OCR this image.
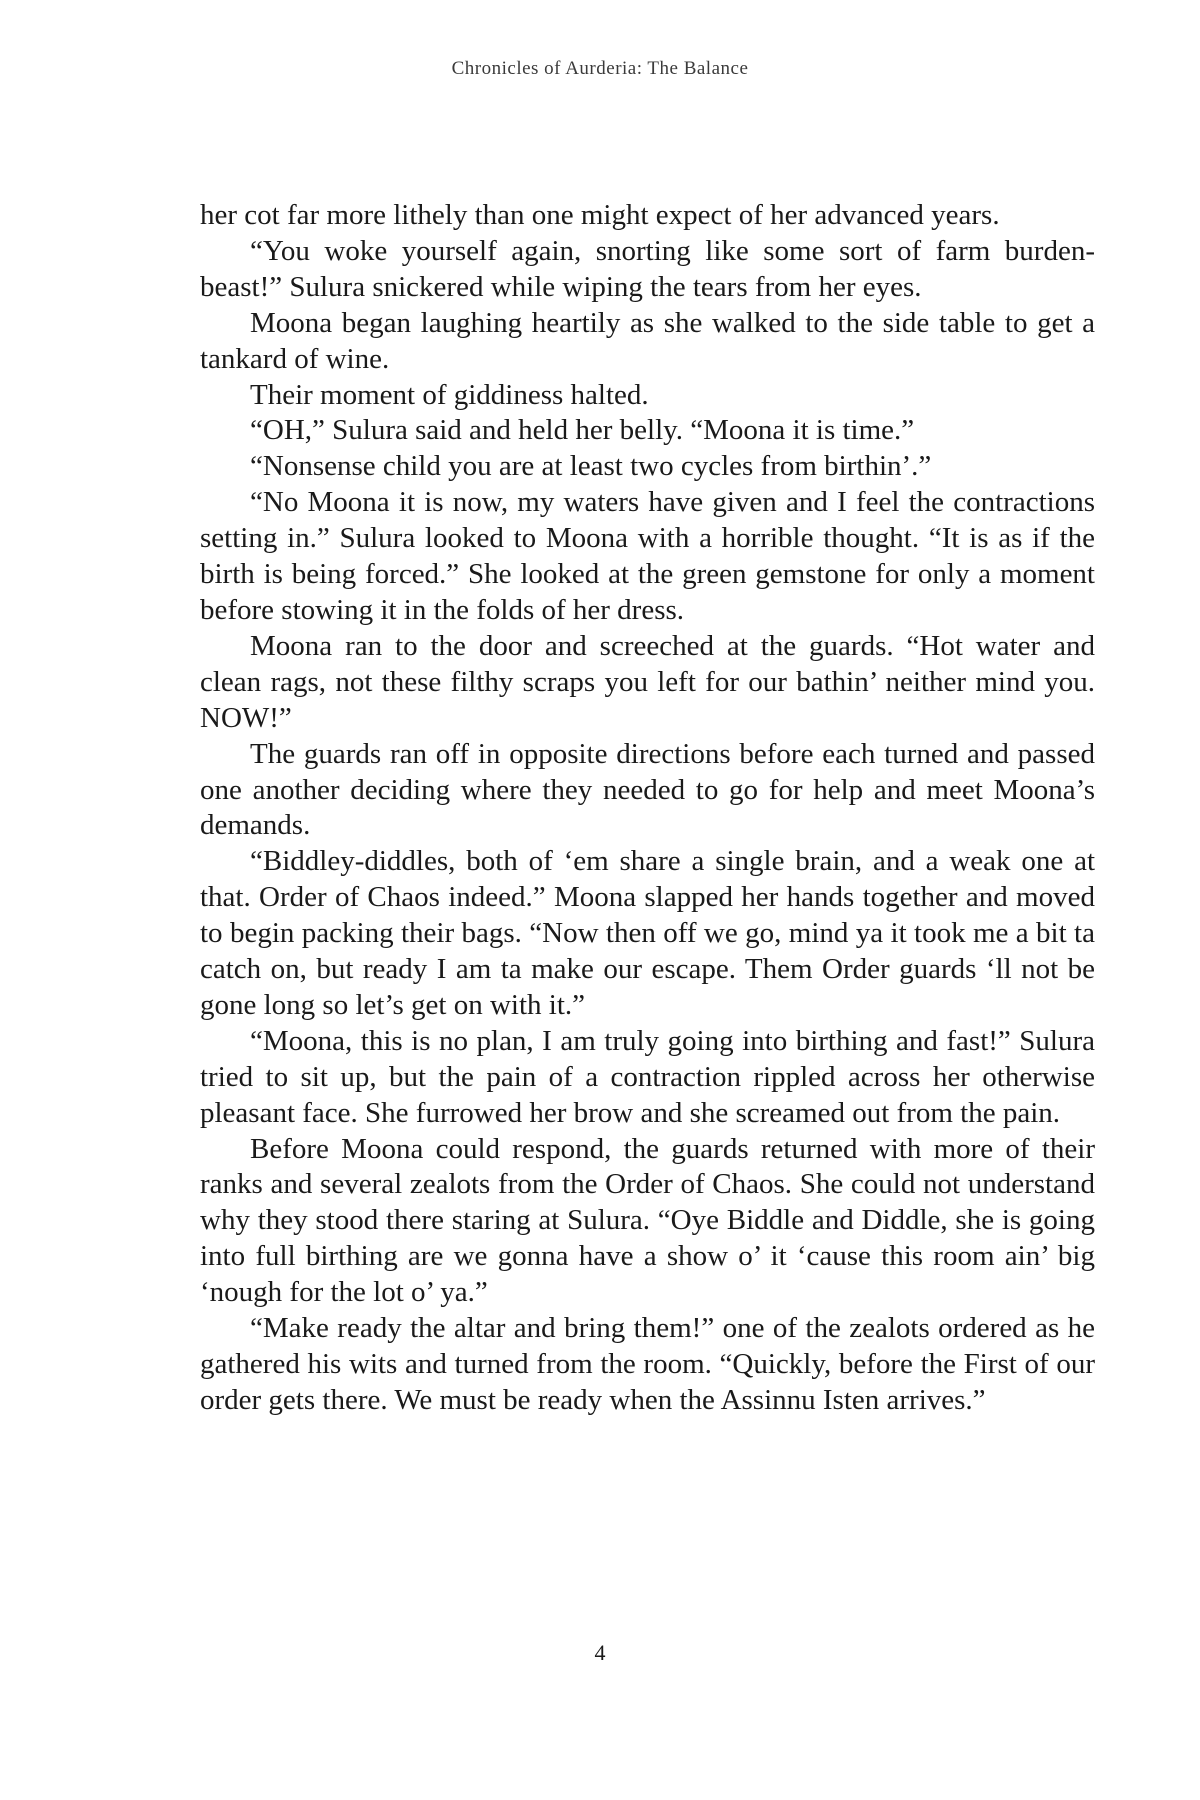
Chronicles of Aurderia: The Balance

her cot far more lithely than one might expect of her advanced years.

“You woke yourself again, snorting like some sort of farm burden-beast!” Sulura snickered while wiping the tears from her eyes.

Moona began laughing heartily as she walked to the side table to get a tankard of wine.

Their moment of giddiness halted.

“OH,” Sulura said and held her belly. “Moona it is time.”

“Nonsense child you are at least two cycles from birthin’.”

“No Moona it is now, my waters have given and I feel the contractions setting in.” Sulura looked to Moona with a horrible thought. “It is as if the birth is being forced.” She looked at the green gemstone for only a moment before stowing it in the folds of her dress.

Moona ran to the door and screeched at the guards. “Hot water and clean rags, not these filthy scraps you left for our bathin’ neither mind you. NOW!”

The guards ran off in opposite directions before each turned and passed one another deciding where they needed to go for help and meet Moona’s demands.

“Biddley-diddles, both of ‘em share a single brain, and a weak one at that. Order of Chaos indeed.” Moona slapped her hands together and moved to begin packing their bags. “Now then off we go, mind ya it took me a bit ta catch on, but ready I am ta make our escape. Them Order guards ‘ll not be gone long so let’s get on with it.”

“Moona, this is no plan, I am truly going into birthing and fast!” Sulura tried to sit up, but the pain of a contraction rippled across her otherwise pleasant face. She furrowed her brow and she screamed out from the pain.

Before Moona could respond, the guards returned with more of their ranks and several zealots from the Order of Chaos. She could not understand why they stood there staring at Sulura. “Oye Biddle and Diddle, she is going into full birthing are we gonna have a show o’ it ‘cause this room ain’ big ‘nough for the lot o’ ya.”

“Make ready the altar and bring them!” one of the zealots ordered as he gathered his wits and turned from the room. “Quickly, before the First of our order gets there. We must be ready when the Assinnu Isten arrives.”

4
